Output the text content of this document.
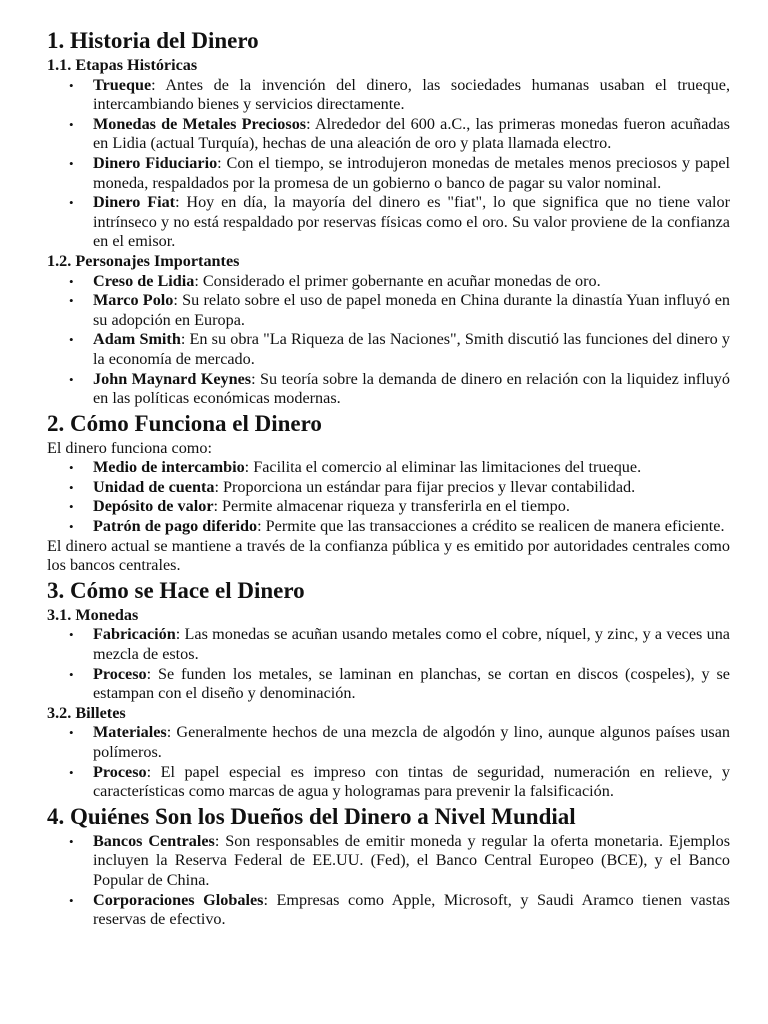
1. Historia del Dinero
1.1. Etapas Históricas
• Trueque: Antes de la invención del dinero, las sociedades humanas usaban el trueque, intercambiando bienes y servicios directamente.
• Monedas de Metales Preciosos: Alrededor del 600 a.C., las primeras monedas fueron acuñadas en Lidia (actual Turquía), hechas de una aleación de oro y plata llamada electro.
• Dinero Fiduciario: Con el tiempo, se introdujeron monedas de metales menos preciosos y papel moneda, respaldados por la promesa de un gobierno o banco de pagar su valor nominal.
• Dinero Fiat: Hoy en día, la mayoría del dinero es "fiat", lo que significa que no tiene valor intrínseco y no está respaldado por reservas físicas como el oro. Su valor proviene de la confianza en el emisor.
1.2. Personajes Importantes
• Creso de Lidia: Considerado el primer gobernante en acuñar monedas de oro.
• Marco Polo: Su relato sobre el uso de papel moneda en China durante la dinastía Yuan influyó en su adopción en Europa.
• Adam Smith: En su obra "La Riqueza de las Naciones", Smith discutió las funciones del dinero y la economía de mercado.
• John Maynard Keynes: Su teoría sobre la demanda de dinero en relación con la liquidez influyó en las políticas económicas modernas.
2. Cómo Funciona el Dinero

El dinero funciona como:

• Medio de intercambio: Facilita el comercio al eliminar las limitaciones del trueque.
• Unidad de cuenta: Proporciona un estándar para fijar precios y llevar contabilidad.
• Depósito de valor: Permite almacenar riqueza y transferirla en el tiempo.
• Patrón de pago diferido: Permite que las transacciones a crédito se realicen de manera eficiente.

El dinero actual se mantiene a través de la confianza pública y es emitido por autoridades centrales como los bancos centrales.

3. Cómo se Hace el Dinero
3.1. Monedas
• Fabricación: Las monedas se acuñan usando metales como el cobre, níquel, y zinc, y a veces una mezcla de estos.
• Proceso: Se funden los metales, se laminan en planchas, se cortan en discos (cospeles), y se estampan con el diseño y denominación.
3.2. Billetes
• Materiales: Generalmente hechos de una mezcla de algodón y lino, aunque algunos países usan polímeros.
• Proceso: El papel especial es impreso con tintas de seguridad, numeración en relieve, y características como marcas de agua y hologramas para prevenir la falsificación.
4. Quiénes Son los Dueños del Dinero a Nivel Mundial
• Bancos Centrales: Son responsables de emitir moneda y regular la oferta monetaria. Ejemplos incluyen la Reserva Federal de EE.UU. (Fed), el Banco Central Europeo (BCE), y el Banco Popular de China.
• Corporaciones Globales: Empresas como Apple, Microsoft, y Saudi Aramco tienen vastas reservas de efectivo.
